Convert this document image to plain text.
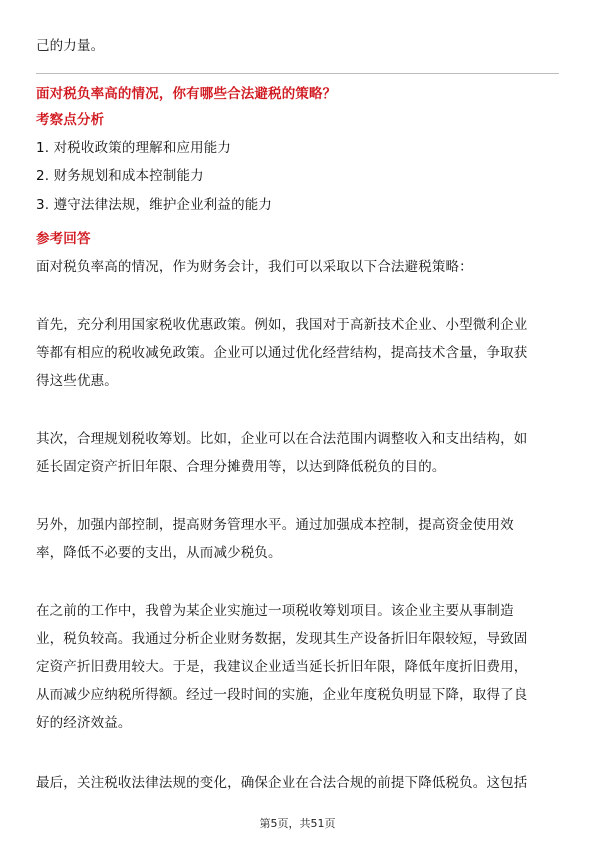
己的力量。
面对税负率高的情况，你有哪些合法避税的策略？
考察点分析
1. 对税收政策的理解和应用能力
2. 财务规划和成本控制能力
3. 遵守法律法规，维护企业利益的能力
参考回答
面对税负率高的情况，作为财务会计，我们可以采取以下合法避税策略：
首先，充分利用国家税收优惠政策。例如，我国对于高新技术企业、小型微利企业
等都有相应的税收减免政策。企业可以通过优化经营结构，提高技术含量，争取获
得这些优惠。
其次，合理规划税收筹划。比如，企业可以在合法范围内调整收入和支出结构，如
延长固定资产折旧年限、合理分摊费用等，以达到降低税负的目的。
另外，加强内部控制，提高财务管理水平。通过加强成本控制，提高资金使用效
率，降低不必要的支出，从而减少税负。
在之前的工作中，我曾为某企业实施过一项税收筹划项目。该企业主要从事制造
业，税负较高。我通过分析企业财务数据，发现其生产设备折旧年限较短，导致固
定资产折旧费用较大。于是，我建议企业适当延长折旧年限，降低年度折旧费用，
从而减少应纳税所得额。经过一段时间的实施，企业年度税负明显下降，取得了良
好的经济效益。
最后，关注税收法律法规的变化，确保企业在合法合规的前提下降低税负。这包括
第5页，共51页
